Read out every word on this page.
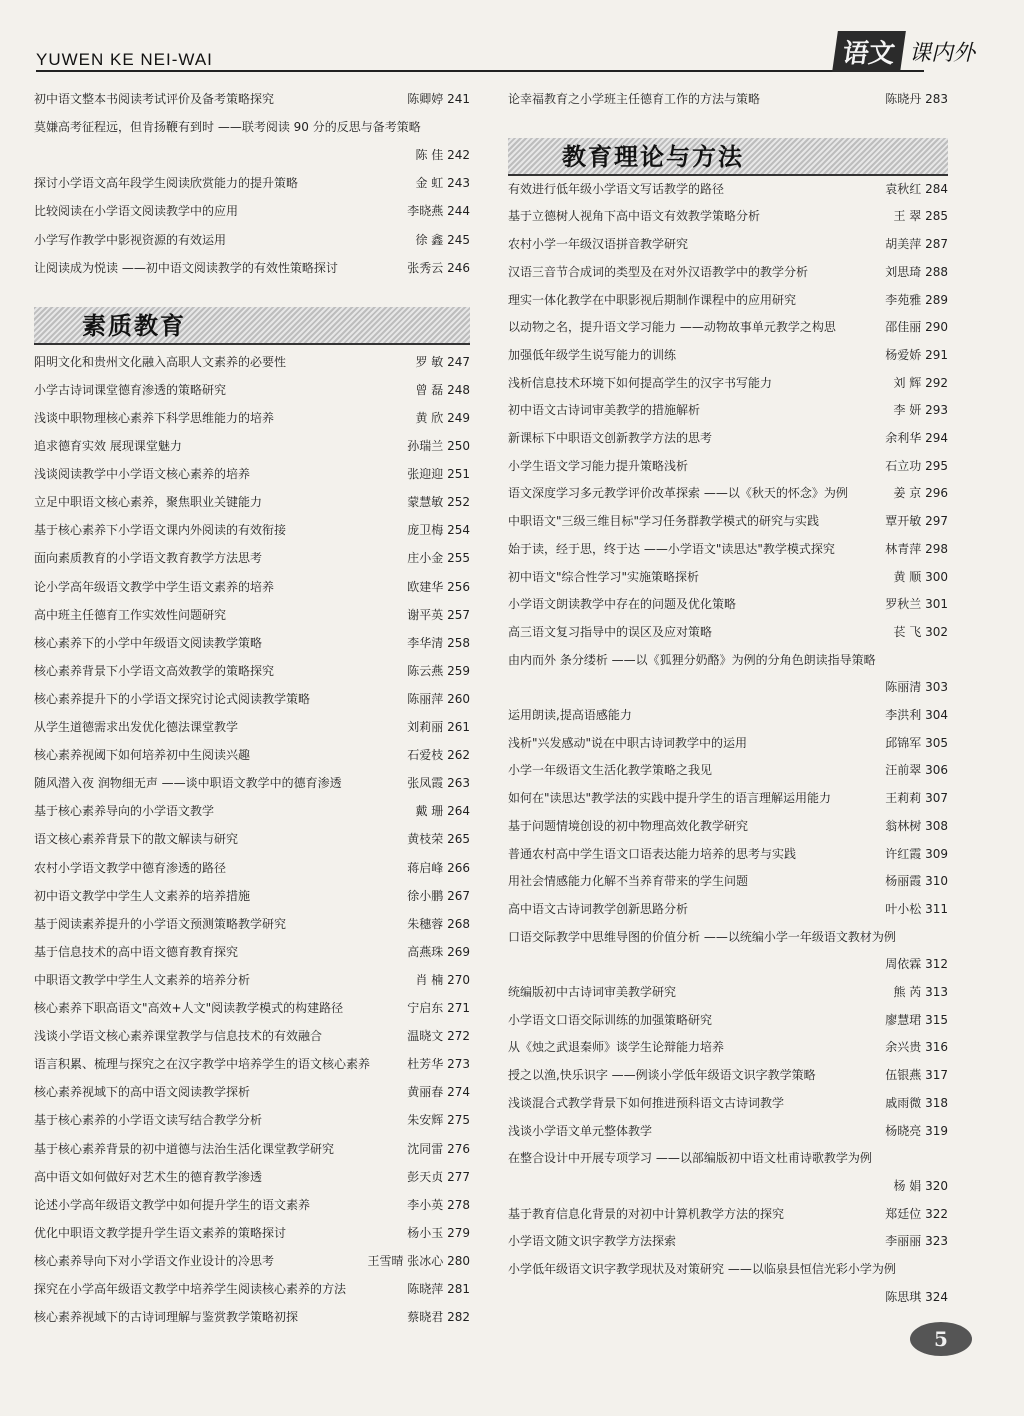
YUWEN KE NEI-WAI	语文 课内外
初中语文整本书阅读考试评价及备考策略探究	陈卿婷 241
莫嫌高考征程远，但肯扬鞭有到时 ——联考阅读 90 分的反思与备考策略
陈 佳 242
探讨小学语文高年段学生阅读欣赏能力的提升策略	金 虹 243
比较阅读在小学语文阅读教学中的应用	李晓燕 244
小学写作教学中影视资源的有效运用	徐 鑫 245
让阅读成为悦读 ——初中语文阅读教学的有效性策略探讨	张秀云 246
素质教育
阳明文化和贵州文化融入高职人文素养的必要性	罗 敏 247
小学古诗词课堂德育渗透的策略研究	曾 磊 248
浅谈中职物理核心素养下科学思维能力的培养	黄 欣 249
追求德育实效 展现课堂魅力	孙瑞兰 250
浅谈阅读教学中小学语文核心素养的培养	张迎迎 251
立足中职语文核心素养，聚焦职业关键能力	蒙慧敏 252
基于核心素养下小学语文课内外阅读的有效衔接	庞卫梅 254
面向素质教育的小学语文教育教学方法思考	庄小金 255
论小学高年级语文教学中学生语文素养的培养	欧建华 256
高中班主任德育工作实效性问题研究	谢平英 257
核心素养下的小学中年级语文阅读教学策略	李华清 258
核心素养背景下小学语文高效教学的策略探究	陈云燕 259
核心素养提升下的小学语文探究讨论式阅读教学策略	陈丽萍 260
从学生道德需求出发优化德法课堂教学	刘莉丽 261
核心素养视阈下如何培养初中生阅读兴趣	石爱枝 262
随风潜入夜 润物细无声 ——谈中职语文教学中的德育渗透	张凤霞 263
基于核心素养导向的小学语文教学	戴 珊 264
语文核心素养背景下的散文解读与研究	黄枝荣 265
农村小学语文教学中德育渗透的路径	蒋启峰 266
初中语文教学中学生人文素养的培养措施	徐小鹏 267
基于阅读素养提升的小学语文预测策略教学研究	朱穗蓉 268
基于信息技术的高中语文德育教育探究	高燕珠 269
中职语文教学中学生人文素养的培养分析	肖 楠 270
核心素养下职高语文"高效+人文"阅读教学模式的构建路径	宁启东 271
浅谈小学语文核心素养课堂教学与信息技术的有效融合	温晓文 272
语言积累、梳理与探究之在汉字教学中培养学生的语文核心素养	杜芳华 273
核心素养视域下的高中语文阅读教学探析	黄丽春 274
基于核心素养的小学语文读写结合教学分析	朱安辉 275
基于核心素养背景的初中道德与法治生活化课堂教学研究	沈同雷 276
高中语文如何做好对艺术生的德育教学渗透	彭天贞 277
论述小学高年级语文教学中如何提升学生的语文素养	李小英 278
优化中职语文教学提升学生语文素养的策略探讨	杨小玉 279
核心素养导向下对小学语文作业设计的冷思考	王雪晴 张冰心 280
探究在小学高年级语文教学中培养学生阅读核心素养的方法	陈晓萍 281
核心素养视域下的古诗词理解与鉴赏教学策略初探	蔡晓君 282
论幸福教育之小学班主任德育工作的方法与策略	陈晓丹 283
教育理论与方法
有效进行低年级小学语文写话教学的路径	袁秋红 284
基于立德树人视角下高中语文有效教学策略分析	王 翠 285
农村小学一年级汉语拼音教学研究	胡美萍 287
汉语三音节合成词的类型及在对外汉语教学中的教学分析	刘思琦 288
理实一体化教学在中职影视后期制作课程中的应用研究	李苑雅 289
以动物之名，提升语文学习能力 ——动物故事单元教学之构思	邵佳丽 290
加强低年级学生说写能力的训练	杨爱娇 291
浅析信息技术环境下如何提高学生的汉字书写能力	刘 辉 292
初中语文古诗词审美教学的措施解析	李 妍 293
新课标下中职语文创新教学方法的思考	余利华 294
小学生语文学习能力提升策略浅析	石立功 295
语文深度学习多元教学评价改革探索 ——以《秋天的怀念》为例	姜 京 296
中职语文"三级三维目标"学习任务群教学模式的研究与实践	覃开敏 297
始于读，经于思，终于达 ——小学语文"读思达"教学模式探究	林青萍 298
初中语文"综合性学习"实施策略探析	黄 顺 300
小学语文朗读教学中存在的问题及优化策略	罗秋兰 301
高三语文复习指导中的误区及应对策略	苌 飞 302
由内而外 条分缕析 ——以《狐狸分奶酪》为例的分角色朗读指导策略
陈丽清 303
运用朗读,提高语感能力	李洪利 304
浅析"兴发感动"说在中职古诗词教学中的运用	邱锦军 305
小学一年级语文生活化教学策略之我见	汪前翠 306
如何在"读思达"教学法的实践中提升学生的语言理解运用能力	王莉莉 307
基于问题情境创设的初中物理高效化教学研究	翁林树 308
普通农村高中学生语文口语表达能力培养的思考与实践	许红霞 309
用社会情感能力化解不当养育带来的学生问题	杨丽霞 310
高中语文古诗词教学创新思路分析	叶小松 311
口语交际教学中思维导图的价值分析 ——以统编小学一年级语文教材为例
周依霖 312
统编版初中古诗词审美教学研究	熊 芮 313
小学语文口语交际训练的加强策略研究	廖慧珺 315
从《烛之武退秦师》谈学生论辩能力培养	余兴贵 316
授之以渔,快乐识字 ——例谈小学低年级语文识字教学策略	伍银燕 317
浅谈混合式教学背景下如何推进预科语文古诗词教学	戚雨微 318
浅谈小学语文单元整体教学	杨晓亮 319
在整合设计中开展专项学习 ——以部编版初中语文杜甫诗歌教学为例
杨 娟 320
基于教育信息化背景的对初中计算机教学方法的探究	郑廷位 322
小学语文随文识字教学方法探索	李丽丽 323
小学低年级语文识字教学现状及对策研究 ——以临泉县恒信光彩小学为例
陈思琪 324
5
